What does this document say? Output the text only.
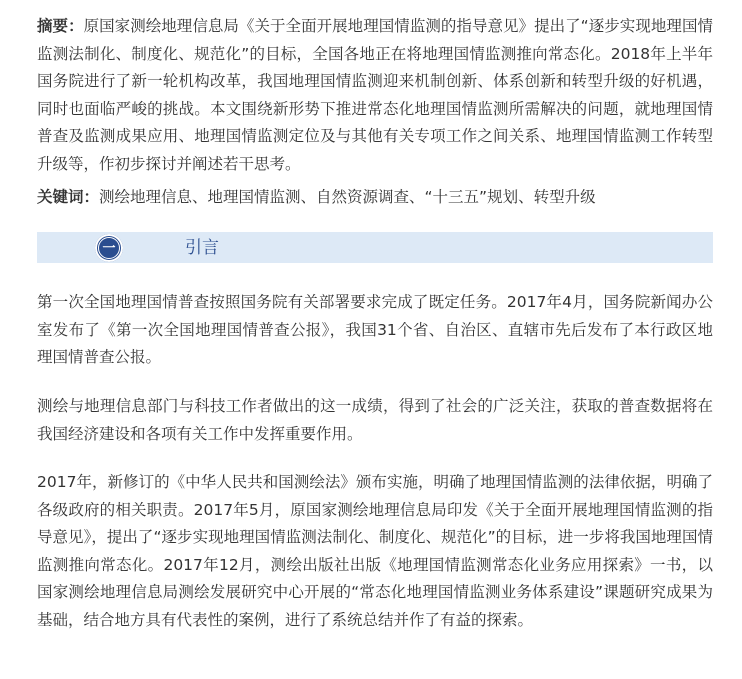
摘要：原国家测绘地理信息局《关于全面开展地理国情监测的指导意见》提出了“逐步实现地理国情监测法制化、制度化、规范化”的目标，全国各地正在将地理国情监测推向常态化。2018年上半年国务院进行了新一轮机构改革，我国地理国情监测迎来机制创新、体系创新和转型升级的好机遇，同时也面临严峻的挑战。本文围绕新形势下推进常态化地理国情监测所需解决的问题，就地理国情普查及监测成果应用、地理国情监测定位及与其他有关专项工作之间关系、地理国情监测工作转型升级等，作初步探讨并阐述若干思考。

关键词：测绘地理信息、地理国情监测、自然资源调查、“十三五”规划、转型升级

一	引言

第一次全国地理国情普查按照国务院有关部署要求完成了既定任务。2017年4月，国务院新闻办公室发布了《第一次全国地理国情普查公报》，我国31个省、自治区、直辖市先后发布了本行政区地理国情普查公报。

测绘与地理信息部门与科技工作者做出的这一成绩，得到了社会的广泛关注，获取的普查数据将在我国经济建设和各项有关工作中发挥重要作用。

2017年，新修订的《中华人民共和国测绘法》颁布实施，明确了地理国情监测的法律依据，明确了各级政府的相关职责。2017年5月，原国家测绘地理信息局印发《关于全面开展地理国情监测的指导意见》，提出了“逐步实现地理国情监测法制化、制度化、规范化”的目标，进一步将我国地理国情监测推向常态化。2017年12月，测绘出版社出版《地理国情监测常态化业务应用探索》一书，以国家测绘地理信息局测绘发展研究中心开展的“常态化地理国情监测业务体系建设”课题研究成果为基础，结合地方具有代表性的案例，进行了系统总结并作了有益的探索。
